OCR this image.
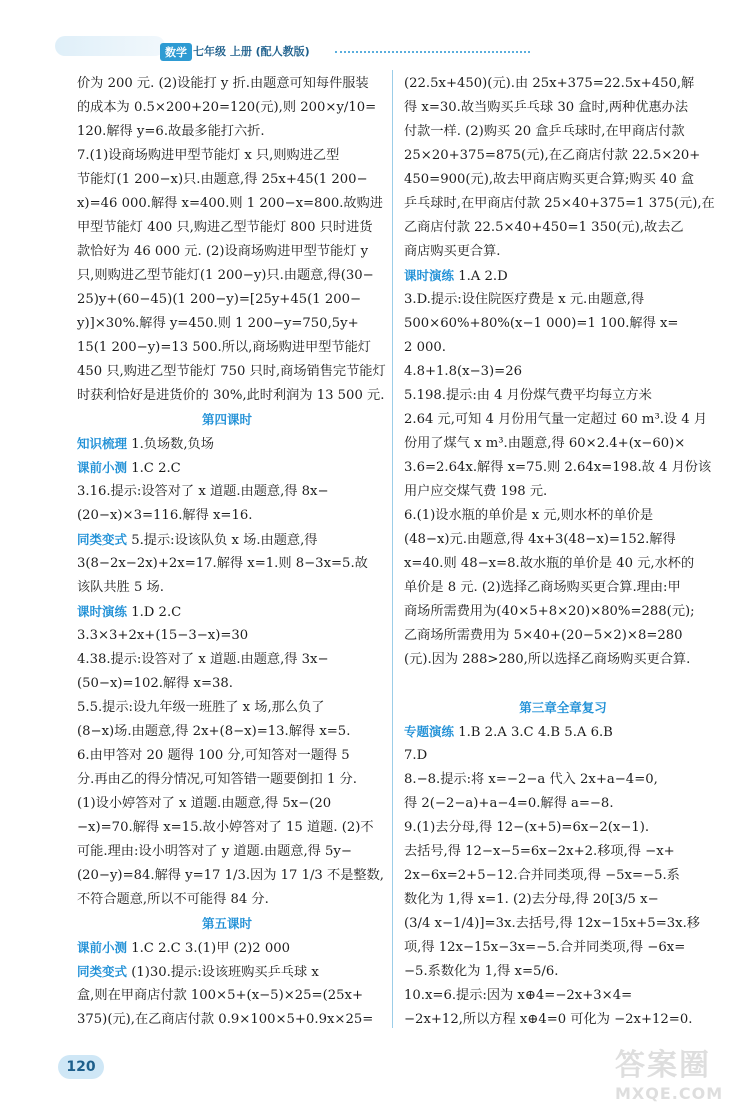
数学 七年级 上册 (配人教版)
价为 200 元. (2)设能打 y 折.由题意可知每件服装
的成本为 0.5×200+20=120(元),则 200×y/10=
120.解得 y=6.故最多能打六折.
7.(1)设商场购进甲型节能灯 x 只,则购进乙型
节能灯(1 200−x)只.由题意,得 25x+45(1 200−
x)=46 000.解得 x=400.则 1 200−x=800.故购进
甲型节能灯 400 只,购进乙型节能灯 800 只时进货
款恰好为 46 000 元. (2)设商场购进甲型节能灯 y
只,则购进乙型节能灯(1 200−y)只.由题意,得(30−
25)y+(60−45)(1 200−y)=[25y+45(1 200−
y)]×30%.解得 y=450.则 1 200−y=750,5y+
15(1 200−y)=13 500.所以,商场购进甲型节能灯
450 只,购进乙型节能灯 750 只时,商场销售完节能灯
时获利恰好是进货价的 30%,此时利润为 13 500 元.
第四课时
知识梳理 1.负场数,负场
课前小测 1.C 2.C
3.16.提示:设答对了 x 道题.由题意,得 8x−
(20−x)×3=116.解得 x=16.
同类变式 5.提示:设该队负 x 场.由题意,得
3(8−2x−2x)+2x=17.解得 x=1.则 8−3x=5.故
该队共胜 5 场.
课时演练 1.D 2.C
3.3×3+2x+(15−3−x)=30
4.38.提示:设答对了 x 道题.由题意,得 3x−
(50−x)=102.解得 x=38.
5.5.提示:设九年级一班胜了 x 场,那么负了
(8−x)场.由题意,得 2x+(8−x)=13.解得 x=5.
6.由甲答对 20 题得 100 分,可知答对一题得 5
分.再由乙的得分情况,可知答错一题要倒扣 1 分.
(1)设小婷答对了 x 道题.由题意,得 5x−(20
−x)=70.解得 x=15.故小婷答对了 15 道题. (2)不
可能.理由:设小明答对了 y 道题.由题意,得 5y−
(20−y)=84.解得 y=17 1/3.因为 17 1/3 不是整数,
不符合题意,所以不可能得 84 分.
第五课时
课前小测 1.C 2.C 3.(1)甲 (2)2 000
同类变式 (1)30.提示:设该班购买乒乓球 x
盒,则在甲商店付款 100×5+(x−5)×25=(25x+
375)(元),在乙商店付款 0.9×100×5+0.9x×25=
(22.5x+450)(元).由 25x+375=22.5x+450,解
得 x=30.故当购买乒乓球 30 盒时,两种优惠办法
付款一样. (2)购买 20 盒乒乓球时,在甲商店付款
25×20+375=875(元),在乙商店付款 22.5×20+
450=900(元),故去甲商店购买更合算;购买 40 盒
乒乓球时,在甲商店付款 25×40+375=1 375(元),在
乙商店付款 22.5×40+450=1 350(元),故去乙
商店购买更合算.
课时演练 1.A 2.D
3.D.提示:设住院医疗费是 x 元.由题意,得
500×60%+80%(x−1 000)=1 100.解得 x=
2 000.
4.8+1.8(x−3)=26
5.198.提示:由 4 月份煤气费平均每立方米
2.64 元,可知 4 月份用气量一定超过 60 m³.设 4 月
份用了煤气 x m³.由题意,得 60×2.4+(x−60)×
3.6=2.64x.解得 x=75.则 2.64x=198.故 4 月份该
用户应交煤气费 198 元.
6.(1)设水瓶的单价是 x 元,则水杯的单价是
(48−x)元.由题意,得 4x+3(48−x)=152.解得
x=40.则 48−x=8.故水瓶的单价是 40 元,水杯的
单价是 8 元. (2)选择乙商场购买更合算.理由:甲
商场所需费用为(40×5+8×20)×80%=288(元);
乙商场所需费用为 5×40+(20−5×2)×8=280
(元).因为 288>280,所以选择乙商场购买更合算.
第三章全章复习
专题演练 1.B 2.A 3.C 4.B 5.A 6.B
7.D
8.−8.提示:将 x=−2−a 代入 2x+a−4=0,
得 2(−2−a)+a−4=0.解得 a=−8.
9.(1)去分母,得 12−(x+5)=6x−2(x−1).
去括号,得 12−x−5=6x−2x+2.移项,得 −x+
2x−6x=2+5−12.合并同类项,得 −5x=−5.系
数化为 1,得 x=1. (2)去分母,得 20[3/5 x−
(3/4 x−1/4)]=3x.去括号,得 12x−15x+5=3x.移
项,得 12x−15x−3x=−5.合并同类项,得 −6x=
−5.系数化为 1,得 x=5/6.
10.x=6.提示:因为 x⊕4=−2x+3×4=
−2x+12,所以方程 x⊕4=0 可化为 −2x+12=0.
120	答案圈
MXQE.COM
